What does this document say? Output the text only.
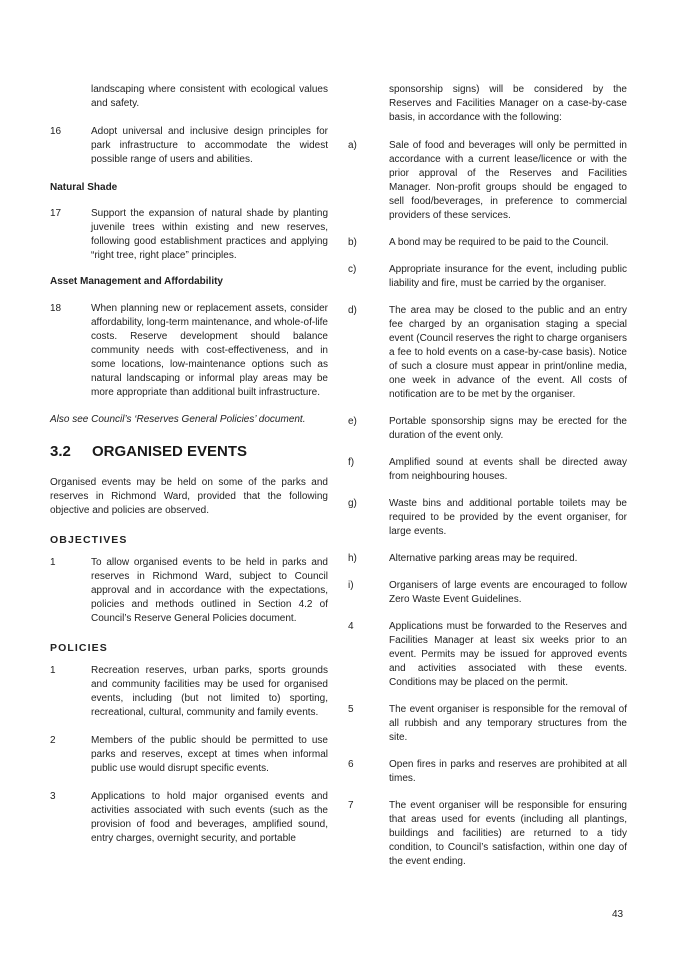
landscaping where consistent with ecological values and safety.
16	Adopt universal and inclusive design principles for park infrastructure to accommodate the widest possible range of users and abilities.
Natural Shade
17	Support the expansion of natural shade by planting juvenile trees within existing and new reserves, following good establishment practices and applying “right tree, right place” principles.
Asset Management and Affordability
18	When planning new or replacement assets, consider affordability, long-term maintenance, and whole-of-life costs. Reserve development should balance community needs with cost-effectiveness, and in some locations, low-maintenance options such as natural landscaping or informal play areas may be more appropriate than additional built infrastructure.
Also see Council’s ‘Reserves General Policies’ document.
3.2 ORGANISED EVENTS
Organised events may be held on some of the parks and reserves in Richmond Ward, provided that the following objective and policies are observed.
OBJECTIVES
1	To allow organised events to be held in parks and reserves in Richmond Ward, subject to Council approval and in accordance with the expectations, policies and methods outlined in Section 4.2 of Council’s Reserve General Policies document.
POLICIES
1	Recreation reserves, urban parks, sports grounds and community facilities may be used for organised events, including (but not limited to) sporting, recreational, cultural, community and family events.
2	Members of the public should be permitted to use parks and reserves, except at times when informal public use would disrupt specific events.
3	Applications to hold major organised events and activities associated with such events (such as the provision of food and beverages, amplified sound, entry charges, overnight security, and portable
sponsorship signs) will be considered by the Reserves and Facilities Manager on a case-by-case basis, in accordance with the following:
a)	Sale of food and beverages will only be permitted in accordance with a current lease/licence or with the prior approval of the Reserves and Facilities Manager. Non-profit groups should be engaged to sell food/beverages, in preference to commercial providers of these services.
b)	A bond may be required to be paid to the Council.
c)	Appropriate insurance for the event, including public liability and fire, must be carried by the organiser.
d)	The area may be closed to the public and an entry fee charged by an organisation staging a special event (Council reserves the right to charge organisers a fee to hold events on a case-by-case basis). Notice of such a closure must appear in print/online media, one week in advance of the event. All costs of notification are to be met by the organiser.
e)	Portable sponsorship signs may be erected for the duration of the event only.
f)	Amplified sound at events shall be directed away from neighbouring houses.
g)	Waste bins and additional portable toilets may be required to be provided by the event organiser, for large events.
h)	Alternative parking areas may be required.
i)	Organisers of large events are encouraged to follow Zero Waste Event Guidelines.
4	Applications must be forwarded to the Reserves and Facilities Manager at least six weeks prior to an event. Permits may be issued for approved events and activities associated with these events. Conditions may be placed on the permit.
5	The event organiser is responsible for the removal of all rubbish and any temporary structures from the site.
6	Open fires in parks and reserves are prohibited at all times.
7	The event organiser will be responsible for ensuring that areas used for events (including all plantings, buildings and facilities) are returned to a tidy condition, to Council’s satisfaction, within one day of the event ending.
43
